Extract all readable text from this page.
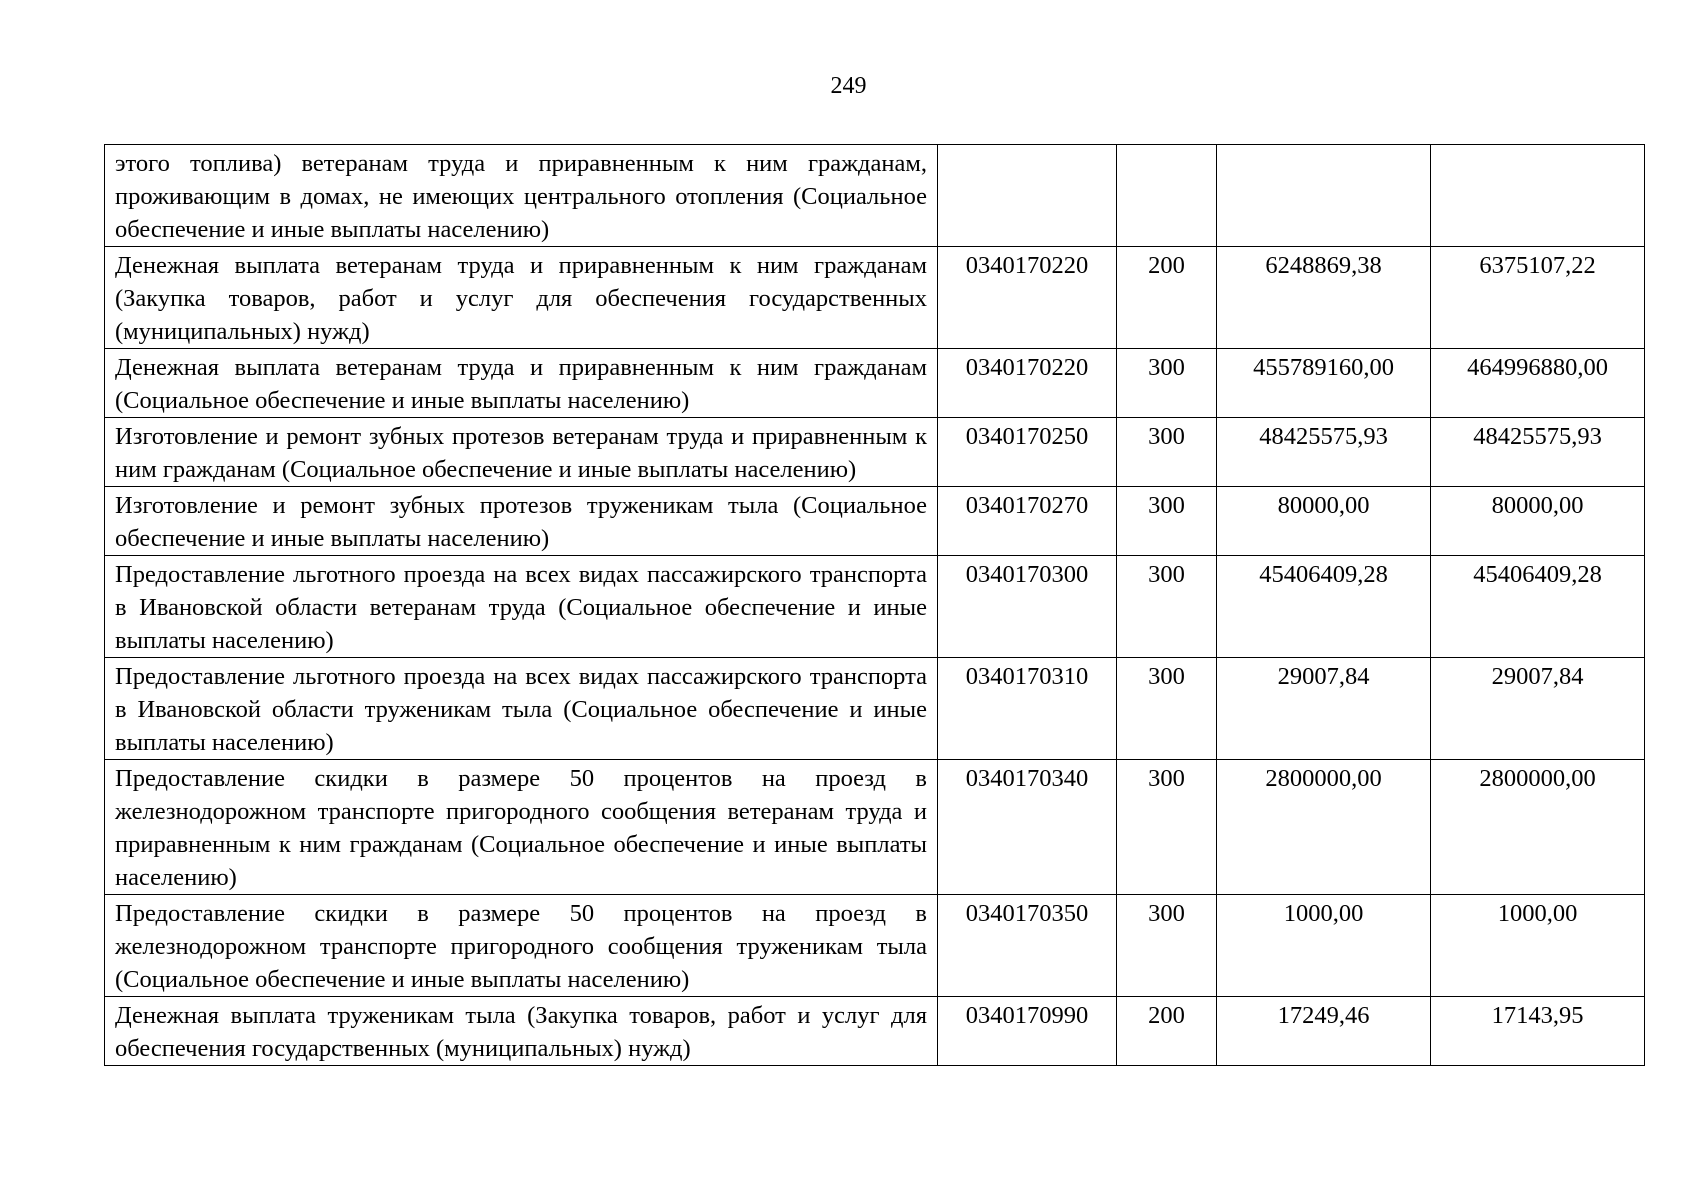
249
этого топлива) ветеранам труда и приравненным к ним гражданам, проживающим в домах, не имеющих центрального отопления (Социальное обеспечение и иные выплаты населению)				
Денежная выплата ветеранам труда и приравненным к ним гражданам (Закупка товаров, работ и услуг для обеспечения государственных (муниципальных) нужд)	0340170220	200	6248869,38	6375107,22
Денежная выплата ветеранам труда и приравненным к ним гражданам (Социальное обеспечение и иные выплаты населению)	0340170220	300	455789160,00	464996880,00
Изготовление и ремонт зубных протезов ветеранам труда и приравненным к ним гражданам (Социальное обеспечение и иные выплаты населению)	0340170250	300	48425575,93	48425575,93
Изготовление и ремонт зубных протезов труженикам тыла (Социальное обеспечение и иные выплаты населению)	0340170270	300	80000,00	80000,00
Предоставление льготного проезда на всех видах пассажирского транспорта в Ивановской области ветеранам труда (Социальное обеспечение и иные выплаты населению)	0340170300	300	45406409,28	45406409,28
Предоставление льготного проезда на всех видах пассажирского транспорта в Ивановской области труженикам тыла (Социальное обеспечение и иные выплаты населению)	0340170310	300	29007,84	29007,84
Предоставление скидки в размере 50 процентов на проезд в железнодорожном транспорте пригородного сообщения ветеранам труда и приравненным к ним гражданам (Социальное обеспечение и иные выплаты населению)	0340170340	300	2800000,00	2800000,00
Предоставление скидки в размере 50 процентов на проезд в железнодорожном транспорте пригородного сообщения труженикам тыла (Социальное обеспечение и иные выплаты населению)	0340170350	300	1000,00	1000,00
Денежная выплата труженикам тыла (Закупка товаров, работ и услуг для обеспечения государственных (муниципальных) нужд)	0340170990	200	17249,46	17143,95
